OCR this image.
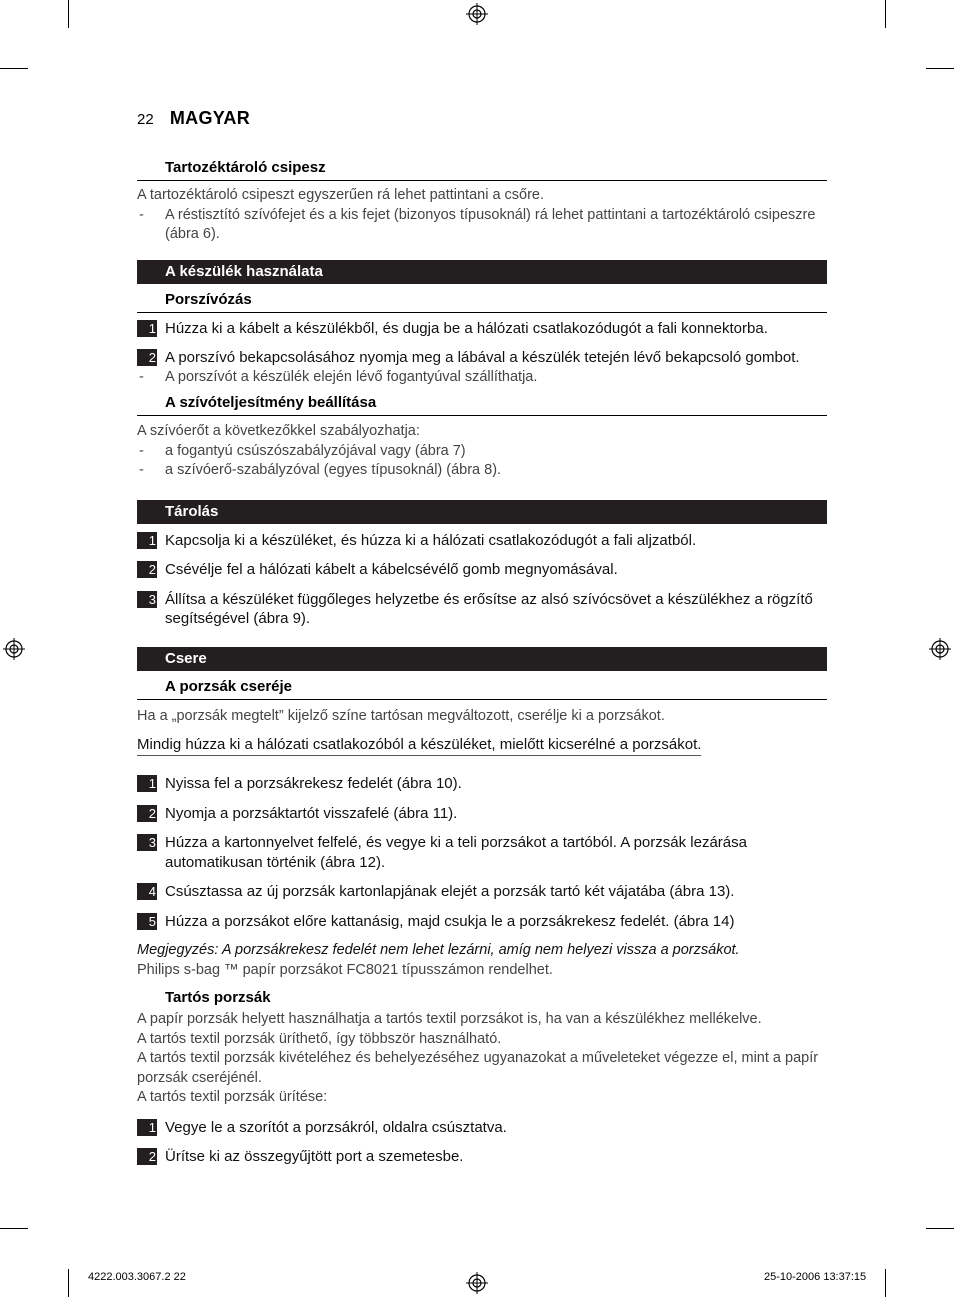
22 MAGYAR
Tartozéktároló csipesz
A tartozéktároló csipeszt egyszerűen rá lehet pattintani a csőre.
- A réstisztító szívófejet és a kis fejet (bizonyos típusoknál) rá lehet pattintani a tartozéktároló csipeszre (ábra 6).
A készülék használata
Porszívózás
1 Húzza ki a kábelt a készülékből, és dugja be a hálózati csatlakozódugót a fali konnektorba.
2 A porszívó bekapcsolásához nyomja meg a lábával a készülék tetején lévő bekapcsoló gombot.
- A porszívót a készülék elején lévő fogantyúval szállíthatja.
A szívóteljesítmény beállítása
A szívóerőt a következőkkel szabályozhatja:
- a fogantyú csúszószabályzójával vagy (ábra 7)
- a szívóerő-szabályzóval (egyes típusoknál) (ábra 8).
Tárolás
1 Kapcsolja ki a készüléket, és húzza ki a hálózati csatlakozódugót a fali aljzatból.
2 Csévélje fel a hálózati kábelt a kábelcsévélő gomb megnyomásával.
3 Állítsa a készüléket függőleges helyzetbe és erősítse az alsó szívócsövet a készülékhez a rögzítő segítségével (ábra 9).
Csere
A porzsák cseréje
Ha a „porzsák megtelt” kijelző színe tartósan megváltozott, cserélje ki a porzsákot.
Mindig húzza ki a hálózati csatlakozóból a készüléket, mielőtt kicserélné a porzsákot.
1 Nyissa fel a porzsákrekesz fedelét (ábra 10).
2 Nyomja a porzsáktartót visszafelé (ábra 11).
3 Húzza a kartonnyelvet felfelé, és vegye ki a teli porzsákot a tartóból. A porzsák lezárása automatikusan történik (ábra 12).
4 Csúsztassa az új porzsák kartonlapjának elejét a porzsák tartó két vájatába (ábra 13).
5 Húzza a porzsákot előre kattanásig, majd csukja le a porzsákrekesz fedelét. (ábra 14)
Megjegyzés: A porzsákrekesz fedelét nem lehet lezárni, amíg nem helyezi vissza a porzsákot.
Philips s-bag ™ papír porzsákot FC8021 típusszámon rendelhet.
Tartós porzsák
A papír porzsák helyett használhatja a tartós textil porzsákot is, ha van a készülékhez mellékelve.
A tartós textil porzsák üríthető, így többször használható.
A tartós textil porzsák kivételéhez és behelyezéséhez ugyanazokat a műveleteket végezze el, mint a papír porzsák cseréjénél.
A tartós textil porzsák ürítése:
1 Vegye le a szorítót a porzsákról, oldalra csúsztatva.
2 Ürítse ki az összegyűjtött port a szemetesbe.
4222.003.3067.2 22	25-10-2006 13:37:15
